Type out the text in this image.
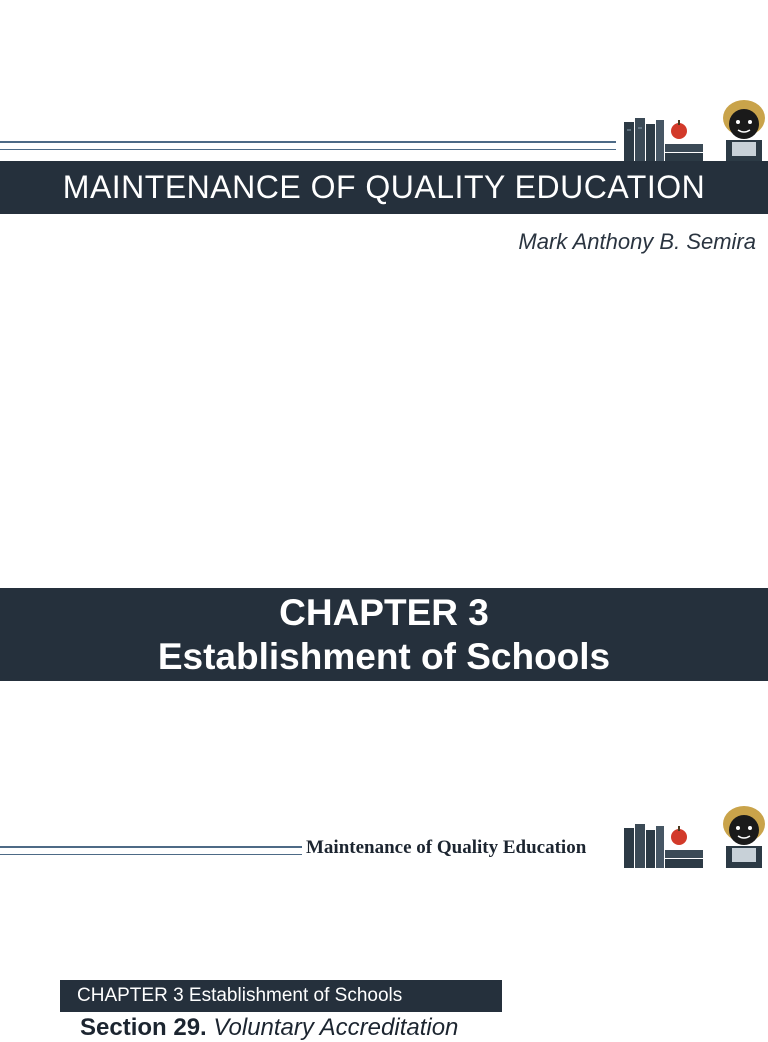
MAINTENANCE OF QUALITY EDUCATION
Mark Anthony B. Semira
CHAPTER 3
Establishment of Schools
Maintenance of Quality Education
CHAPTER 3 Establishment of Schools
Section 29. Voluntary Accreditation
